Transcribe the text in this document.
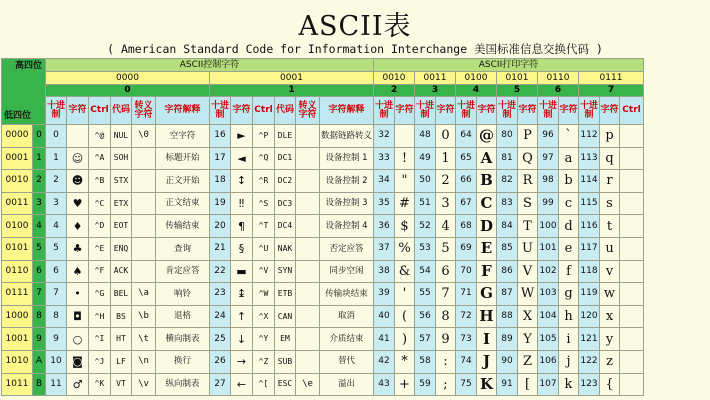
ASCII表
( American Standard Code for Information Interchange 美国标准信息交换代码 )
高四位
低四位		ASCII控制字符												ASCII打印字符												
		0000						0001						0010		0011		0100		0101		0110		0111		
		0						1						2		3		4		5		6		7		
		十进制	字符	Ctrl	代码	转义字符	字符解释	十进制	字符	Ctrl	代码	转义字符	字符解释	十进制	字符	十进制	字符	十进制	字符	十进制	字符	十进制	字符	十进制	字符	Ctrl
0000	0	0		^@	NUL	\0	空字符	16	►	^P	DLE		数据链路转义	32		48	0	64	@	80	P	96	`	112	p	
0001	1	1	☺	^A	SOH		标题开始	17	◄	^Q	DC1		设备控制 1	33	!	49	1	65	A	81	Q	97	a	113	q	
0010	2	2	☻	^B	STX		正文开始	18	↕	^R	DC2		设备控制 2	34	"	50	2	66	B	82	R	98	b	114	r	
0011	3	3	♥	^C	ETX		正文结束	19	‼	^S	DC3		设备控制 3	35	#	51	3	67	C	83	S	99	c	115	s	
0100	4	4	♦	^D	EOT		传输结束	20	¶	^T	DC4		设备控制 4	36	$	52	4	68	D	84	T	100	d	116	t	
0101	5	5	♣	^E	ENQ		查询	21	§	^U	NAK		否定应答	37	%	53	5	69	E	85	U	101	e	117	u	
0110	6	6	♠	^F	ACK		肯定应答	22	▬	^V	SYN		同步空闲	38	&	54	6	70	F	86	V	102	f	118	v	
0111	7	7	•	^G	BEL	\a	响铃	23	↨	^W	ETB		传输块结束	39	'	55	7	71	G	87	W	103	g	119	w	
1000	8	8	◘	^H	BS	\b	退格	24	↑	^X	CAN		取消	40	(	56	8	72	H	88	X	104	h	120	x	
1001	9	9	○	^I	HT	\t	横向制表	25	↓	^Y	EM		介质结束	41	)	57	9	73	I	89	Y	105	i	121	y	
1010	A	10	◙	^J	LF	\n	换行	26	→	^Z	SUB		替代	42	*	58	:	74	J	90	Z	106	j	122	z	
1011	B	11	♂	^K	VT	\v	纵向制表	27	←	^[	ESC	\e	溢出	43	+	59	;	75	K	91	[	107	k	123	{	
